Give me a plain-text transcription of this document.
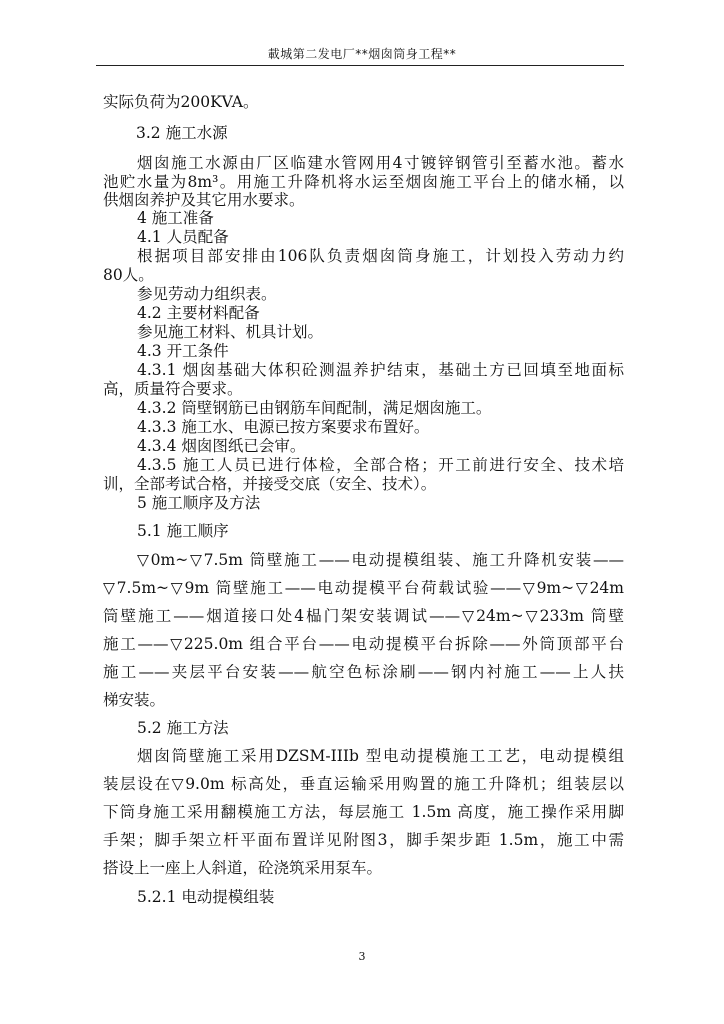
載城第二发电厂**烟囱筒身工程**
实际负荷为200KVA。
3.2 施工水源
烟囱施工水源由厂区临建水管网用4寸镀锌钢管引至蓄水池。蓄水
池贮水量为8m³。用施工升降机将水运至烟囱施工平台上的储水桶，以
供烟囱养护及其它用水要求。
4 施工准备
4.1 人员配备
根据项目部安排由106队负责烟囱筒身施工，计划投入劳动力约
80人。
参见劳动力组织表。
4.2 主要材料配备
参见施工材料、机具计划。
4.3 开工条件
4.3.1 烟囱基础大体积砼测温养护结束，基础土方已回填至地面标
高，质量符合要求。
4.3.2 筒壁钢筋已由钢筋车间配制，满足烟囱施工。
4.3.3 施工水、电源已按方案要求布置好。
4.3.4 烟囱图纸已会审。
4.3.5 施工人员已进行体检，全部合格；开工前进行安全、技术培
训，全部考试合格，并接受交底（安全、技术）。
5 施工顺序及方法
5.1 施工顺序
▽0m~▽7.5m 筒壁施工——电动提模组装、施工升降机安装——
▽7.5m~▽9m 筒壁施工——电动提模平台荷载试验——▽9m~▽24m
筒壁施工——烟道接口处4榀门架安装调试——▽24m~▽233m 筒壁
施工——▽225.0m 组合平台——电动提模平台拆除——外筒顶部平台
施工——夹层平台安装——航空色标涂刷——钢内衬施工——上人扶
梯安装。
5.2 施工方法
烟囱筒壁施工采用DZSM-IIIb 型电动提模施工工艺，电动提模组
装层设在▽9.0m 标高处，垂直运输采用购置的施工升降机；组装层以
下筒身施工采用翻模施工方法，每层施工 1.5m 高度，施工操作采用脚
手架；脚手架立杆平面布置详见附图3，脚手架步距 1.5m，施工中需
搭设上一座上人斜道，砼浇筑采用泵车。
5.2.1 电动提模组装
3
